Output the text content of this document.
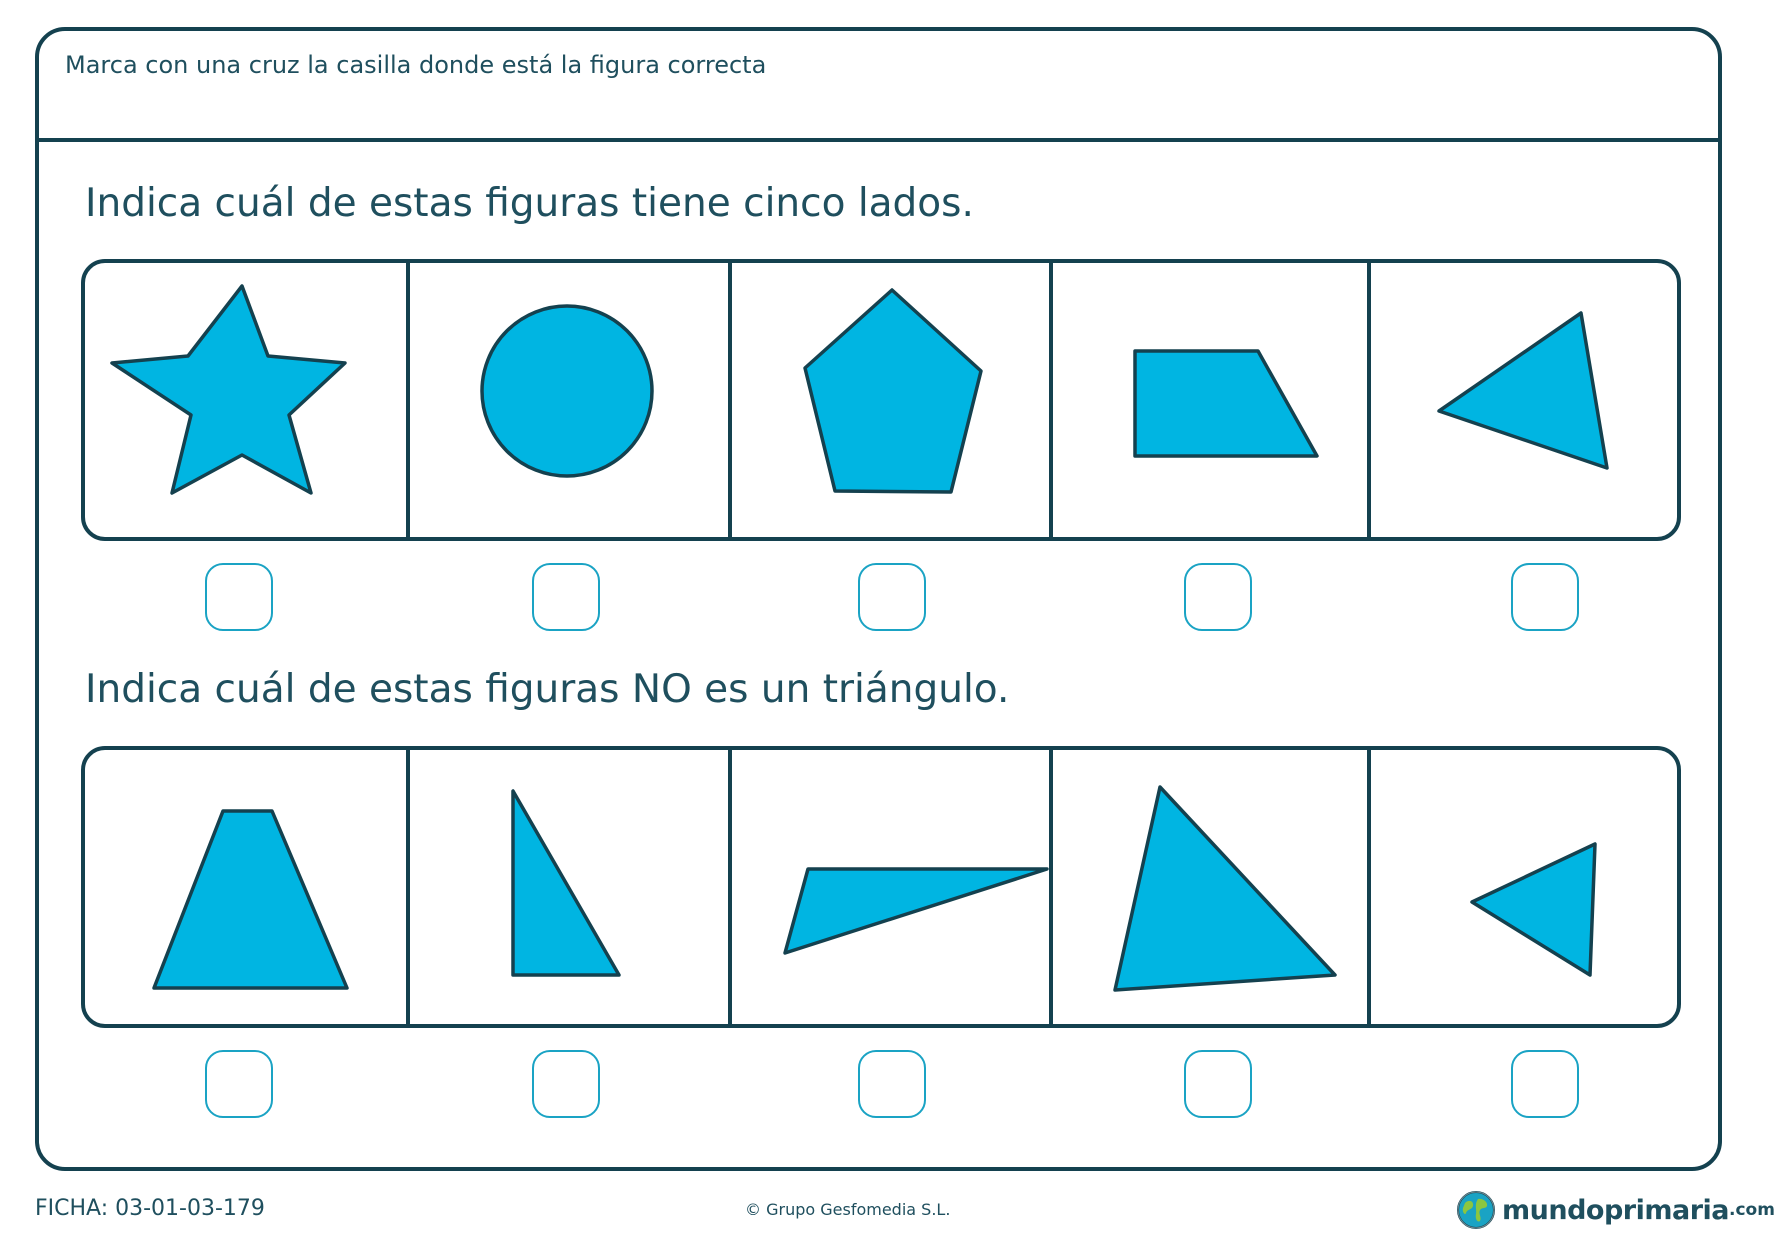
Marca con una cruz la casilla donde está la figura correcta
Indica cuál de estas figuras tiene cinco lados.
Indica cuál de estas figuras NO es un triángulo.
FICHA: 03-01-03-179	© Grupo Gesfomedia S.L.	mundoprimaria .com
